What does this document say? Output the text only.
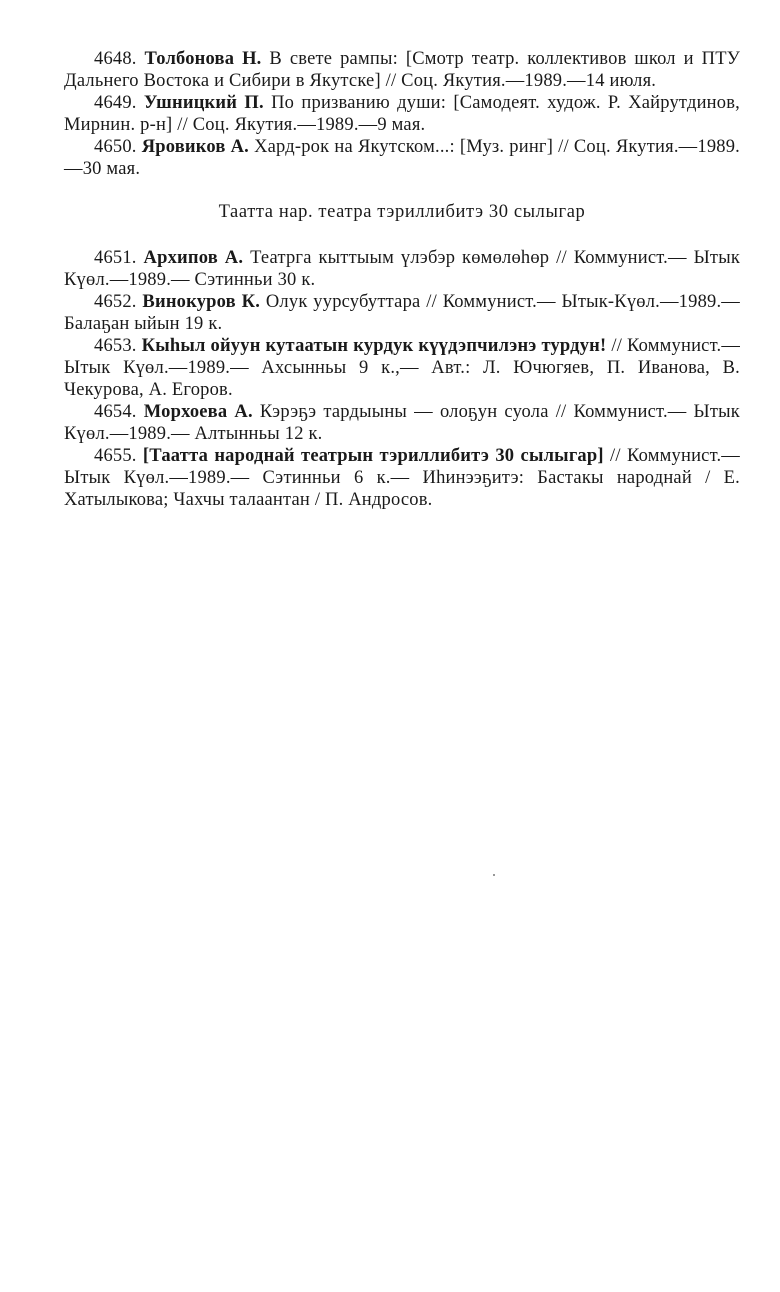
4648. Толбонова Н. В свете рампы: [Смотр театр. коллективов школ и ПТУ Дальнего Востока и Сибири в Якутске] // Соц. Якутия.—1989.—14 июля.

4649. Ушницкий П. По призванию души: [Самодеят. худож. Р. Хайрутдинов, Мирнин. р-н] // Соц. Якутия.—1989.—9 мая.

4650. Яровиков А. Хард-рок на Якутском...: [Муз. ринг] // Соц. Якутия.—1989.—30 мая.

Таатта нар. театра тэриллибитэ 30 сылыгар

4651. Архипов А. Театрга кыттыым үлэбэр көмөлөһөр // Коммунист.— Ытык Күөл.—1989.— Сэтинньи 30 к.

4652. Винокуров К. Олук уурсубуттара // Коммунист.— Ытык-Күөл.—1989.— Балаҕан ыйын 19 к.

4653. Кыһыл ойуун кутаатын курдук күүдэпчилэнэ турдун! // Коммунист.— Ытык Күөл.—1989.— Ахсынньы 9 к.,— Авт.: Л. Ючюгяев, П. Иванова, В. Чекурова, А. Егоров.

4654. Морхоева А. Кэрэҕэ тардыыны — олоҕун суола // Коммунист.— Ытык Күөл.—1989.— Алтынньы 12 к.

4655. [Таатта народнай театрын тэриллибитэ 30 сылыгар] // Коммунист.— Ытык Күөл.—1989.— Сэтинньи 6 к.— Иһинээҕитэ: Бастакы народнай / Е. Хатылыкова; Чахчы талаантан / П. Андросов.
